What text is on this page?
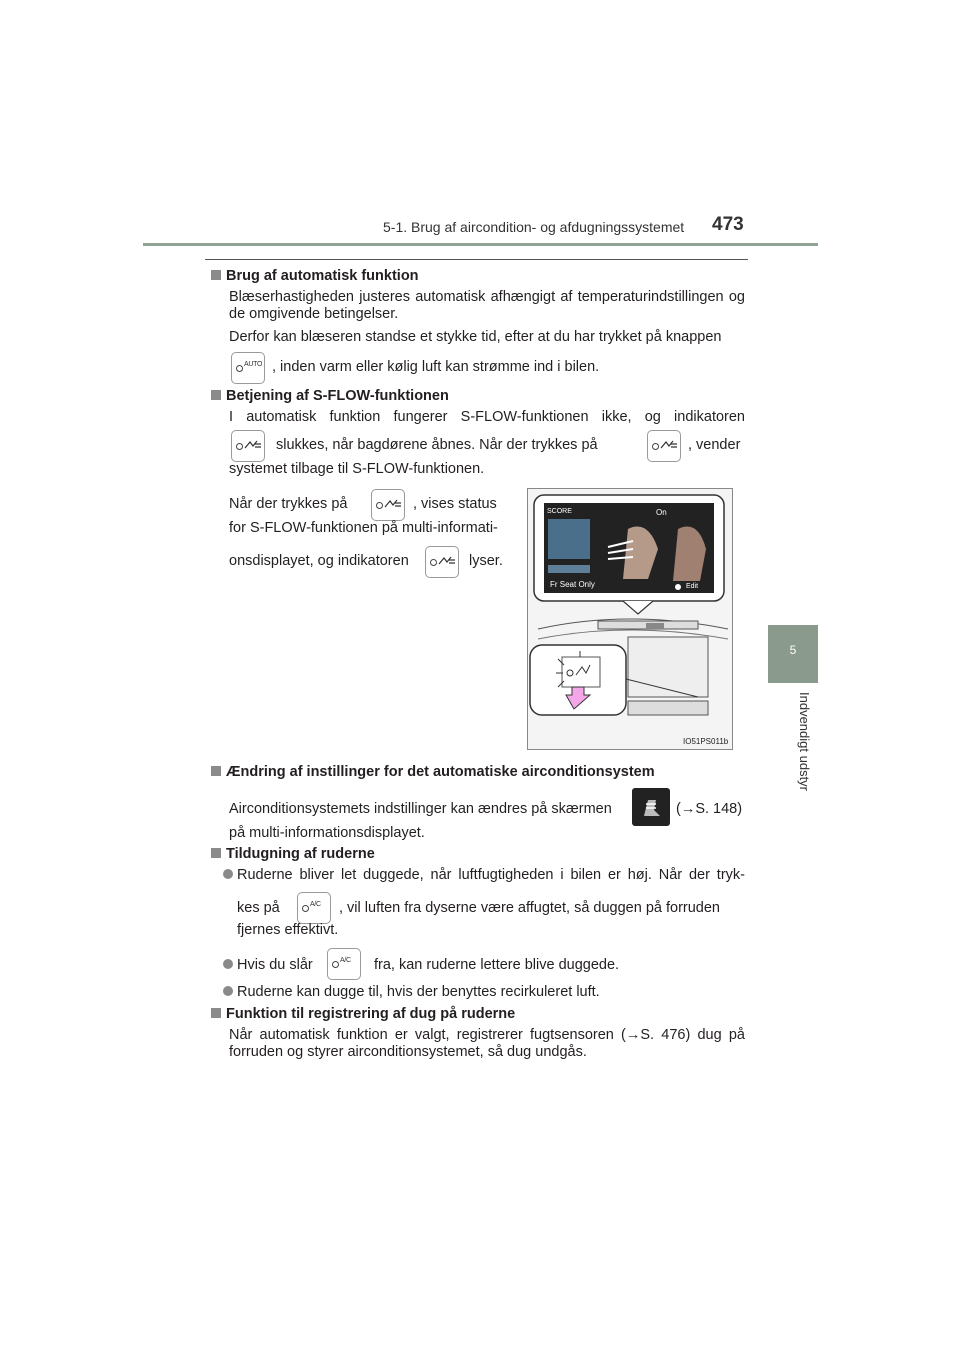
5-1. Brug af aircondition- og afdugningssystemet 473
5
Indvendigt udstyr
Brug af automatisk funktion
Blæserhastigheden justeres automatisk afhængigt af temperaturindstillingen og de omgivende betingelser.
Derfor kan blæseren standse et stykke tid, efter at du har trykket på knappen
AUTO , inden varm eller kølig luft kan strømme ind i bilen.
Betjening af S-FLOW-funktionen
I automatisk funktion fungerer S-FLOW-funktionen ikke, og indikatoren
slukkes, når bagdørene åbnes. Når der trykkes på	, vender
systemet tilbage til S-FLOW-funktionen.
Når der trykkes på	, vises status
for S-FLOW-funktionen på multi-informati-
onsdisplayet, og indikatoren	lyser.
SCORE	On
Fr Seat Only	Edit
IO51PS011b
Ændring af instillinger for det automatiske airconditionsystem
Airconditionsystemets indstillinger kan ændres på skærmen	(→S. 148)
på multi-informationsdisplayet.
Tildugning af ruderne
Ruderne bliver let duggede, når luftfugtigheden i bilen er høj. Når der tryk-
kes på	A/C , vil luften fra dyserne være affugtet, så duggen på forruden
fjernes effektivt.
Hvis du slår	A/C fra, kan ruderne lettere blive duggede.
Ruderne kan dugge til, hvis der benyttes recirkuleret luft.
Funktion til registrering af dug på ruderne
Når automatisk funktion er valgt, registrerer fugtsensoren (→S. 476) dug på forruden og styrer airconditionsystemet, så dug undgås.
